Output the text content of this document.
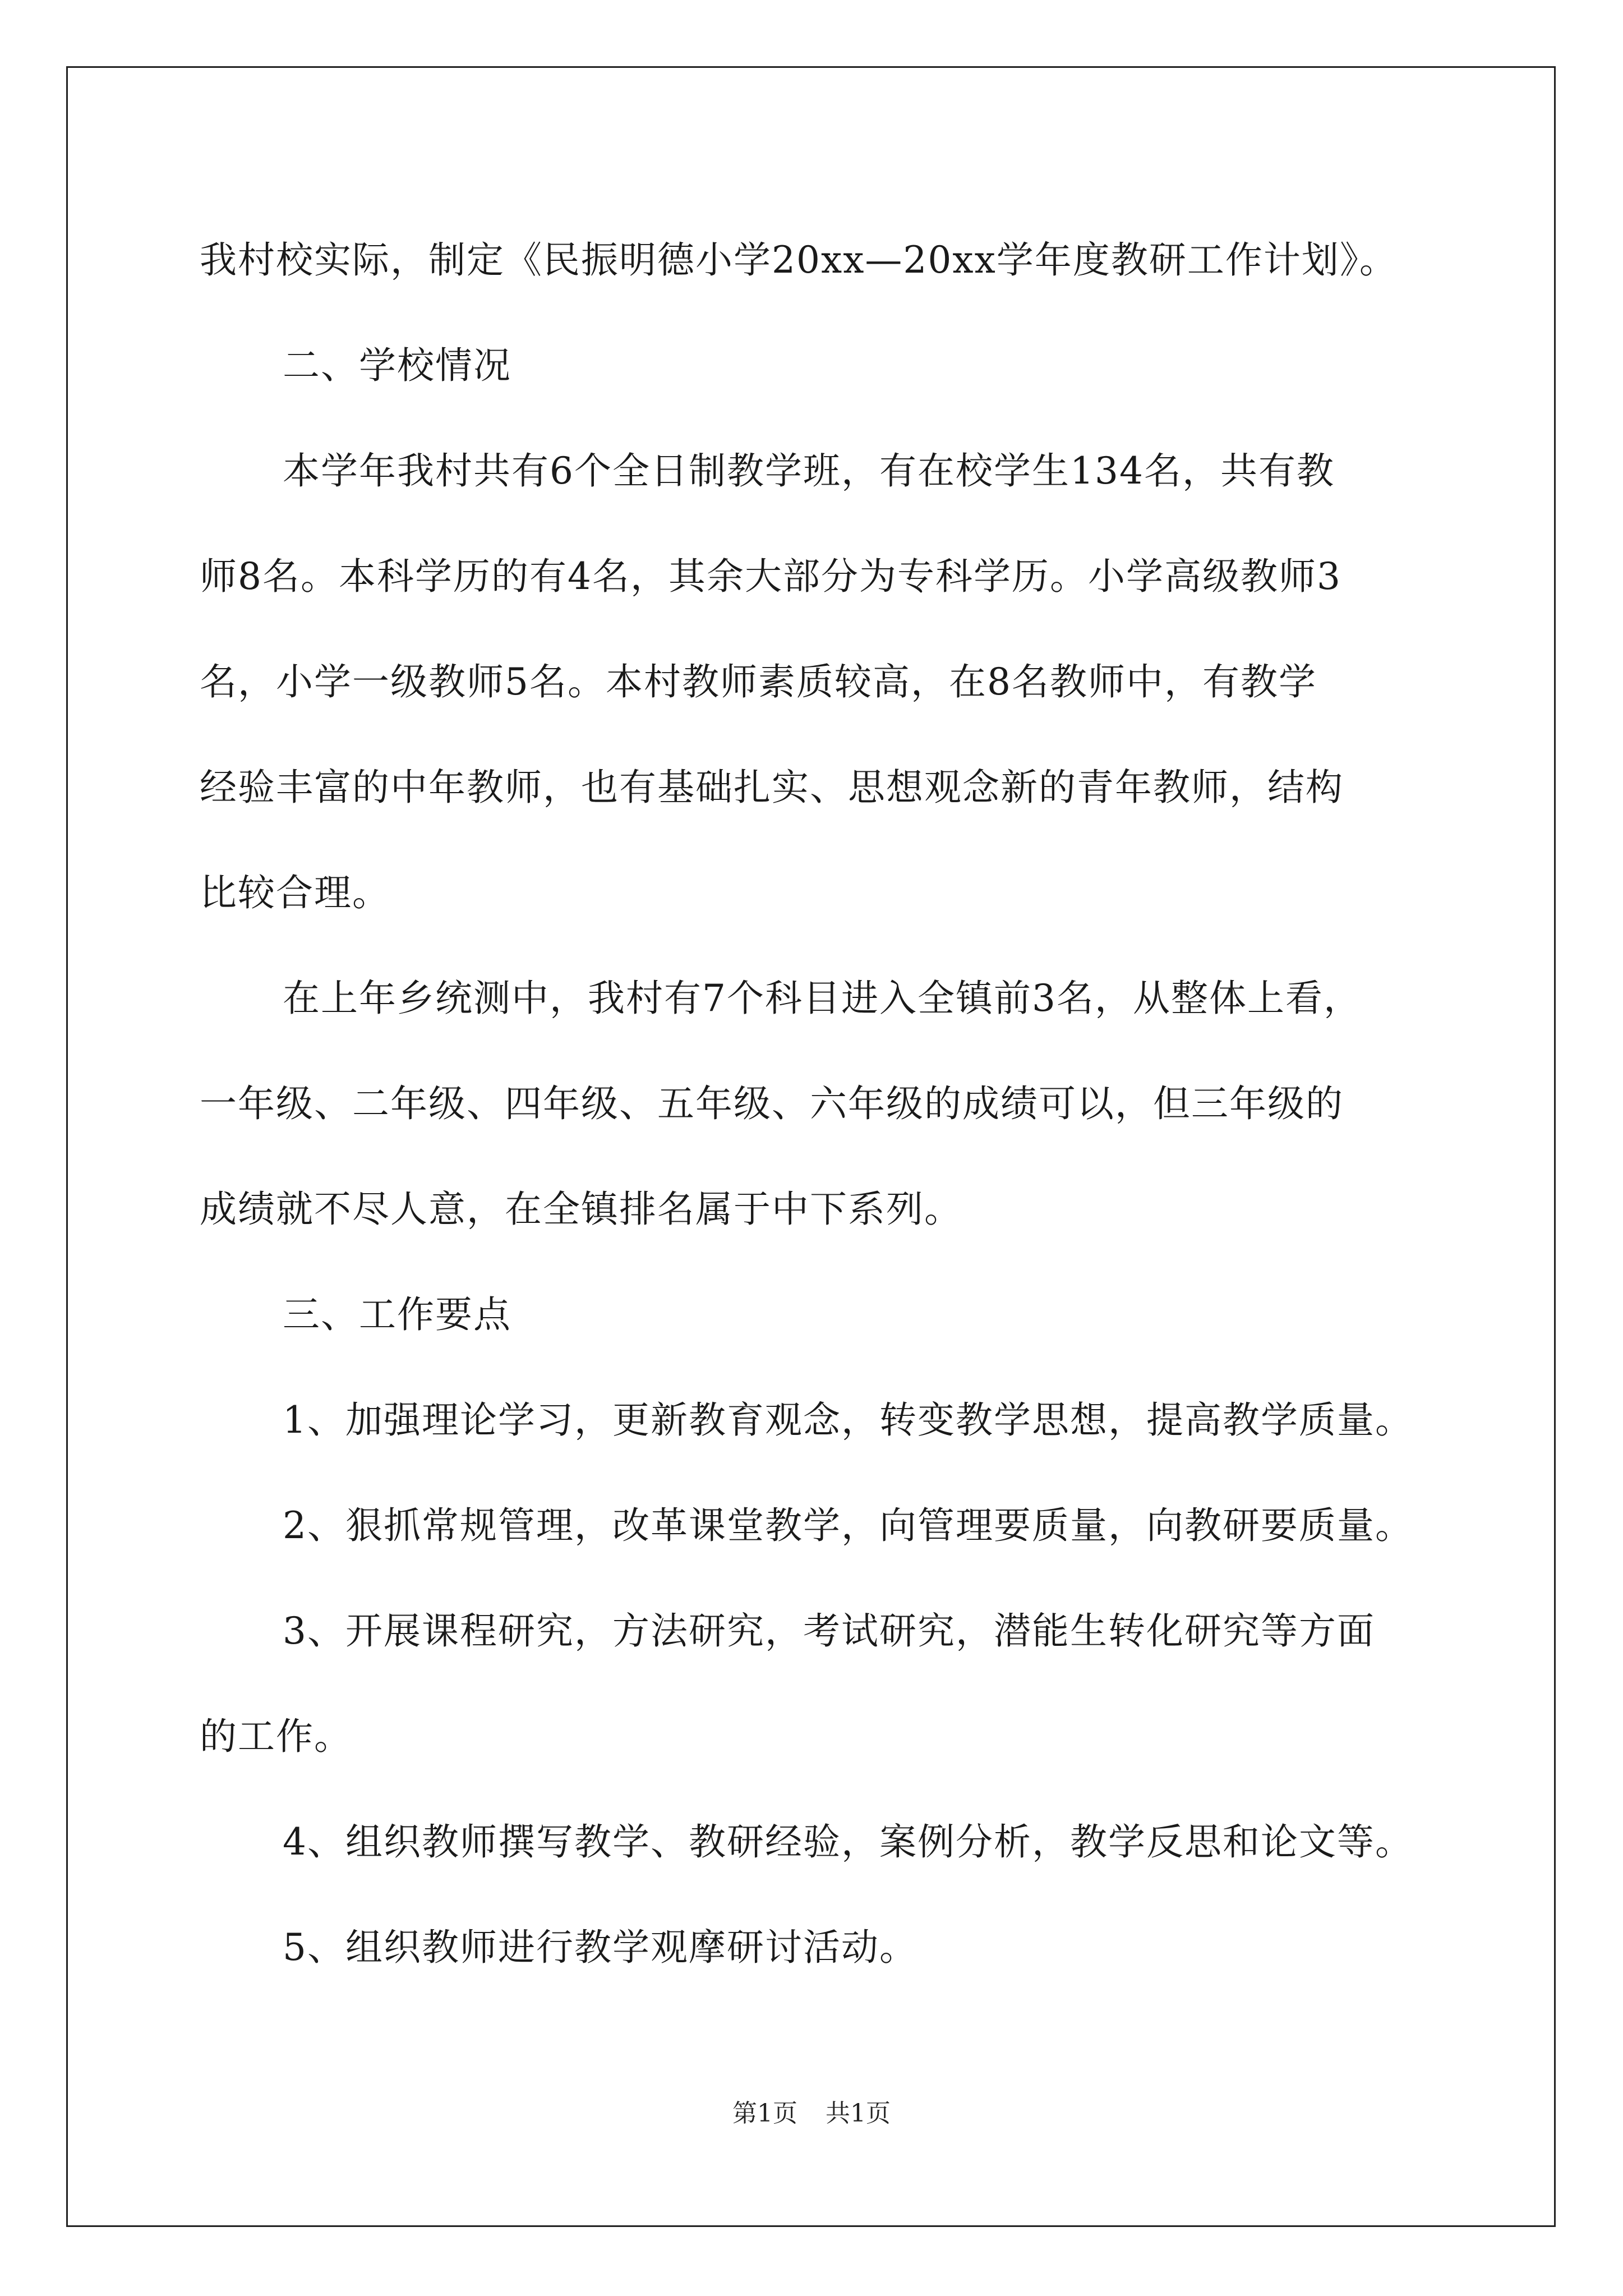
我村校实际，制定《民振明德小学20xx—20xx学年度教研工作计划》。
二、学校情况
本学年我村共有6个全日制教学班，有在校学生134名，共有教
师8名。本科学历的有4名，其余大部分为专科学历。小学高级教师3
名，小学一级教师5名。本村教师素质较高，在8名教师中，有教学
经验丰富的中年教师，也有基础扎实、思想观念新的青年教师，结构
比较合理。
在上年乡统测中，我村有7个科目进入全镇前3名，从整体上看，
一年级、二年级、四年级、五年级、六年级的成绩可以，但三年级的
成绩就不尽人意，在全镇排名属于中下系列。
三、工作要点
1、加强理论学习，更新教育观念，转变教学思想，提高教学质量。
2、狠抓常规管理，改革课堂教学，向管理要质量，向教研要质量。
3、开展课程研究，方法研究，考试研究，潜能生转化研究等方面
的工作。
4、组织教师撰写教学、教研经验，案例分析，教学反思和论文等。
5、组织教师进行教学观摩研讨活动。
第1页 共1页
